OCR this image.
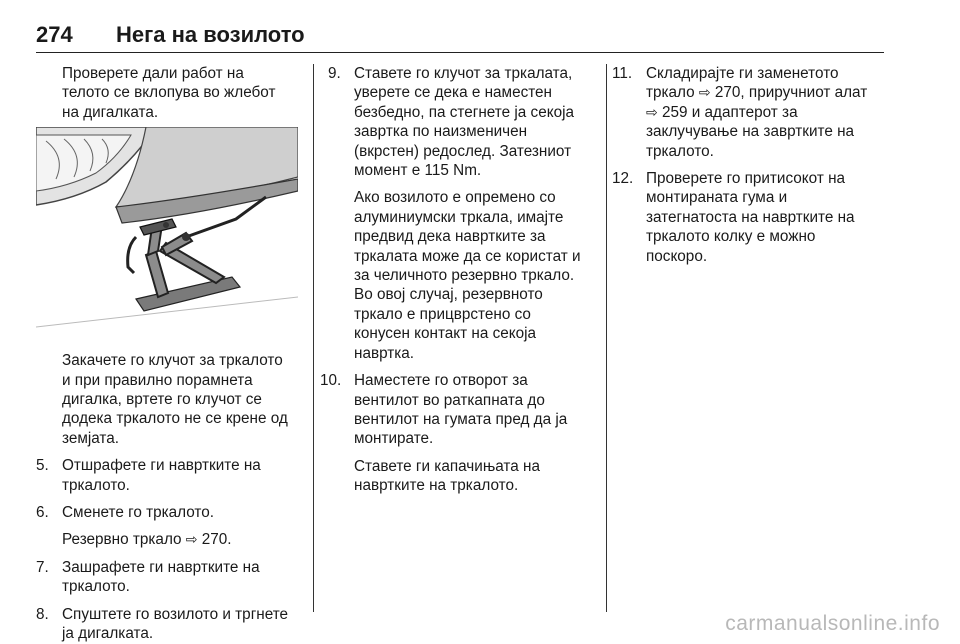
274 Нега на возилото

Проверете дали работ на

телото се вклопува во жлебот

на дигалката.

Закачете го клучот за тркалото

и при правилно порамнета

дигалка, вртете го клучот се

додека тркалото не се крене од

земјата.

5. Отшрафете ги навртките на

тркалото.

6. Сменете го тркалото.

Резервно тркало ⇨ 270.

7. Зашрафете ги навртките на

тркалото.

8. Спуштете го возилото и тргнете

ја дигалката.

9. Ставете го клучот за тркалата,

уверете се дека е наместен

безбедно, па стегнете ја секоја

завртка по наизменичен

(вкрстен) редослед. Затезниот

момент е 115 Nm.

Ако возилото е опремено со

алуминиумски тркала, имајте

предвид дека навртките за

тркалата може да се користат и

за челичното резервно тркало.

Во овој случај, резервното

тркало е прицврстено со

конусен контакт на секоја

навртка.

10. Наместете го отворот за

вентилот во раткапната до

вентилот на гумата пред да ја

монтирате.

Ставете ги капачињата на

навртките на тркалото.

11. Складирајте ги заменетото

тркало ⇨ 270, приручниот алат

⇨ 259 и адаптерот за

заклучување на завртките на

тркалото.

12. Проверете го притисокот на

монтираната гума и

затегнатоста на навртките на

тркалото колку е можно

поскоро.

carmanualsonline.info
